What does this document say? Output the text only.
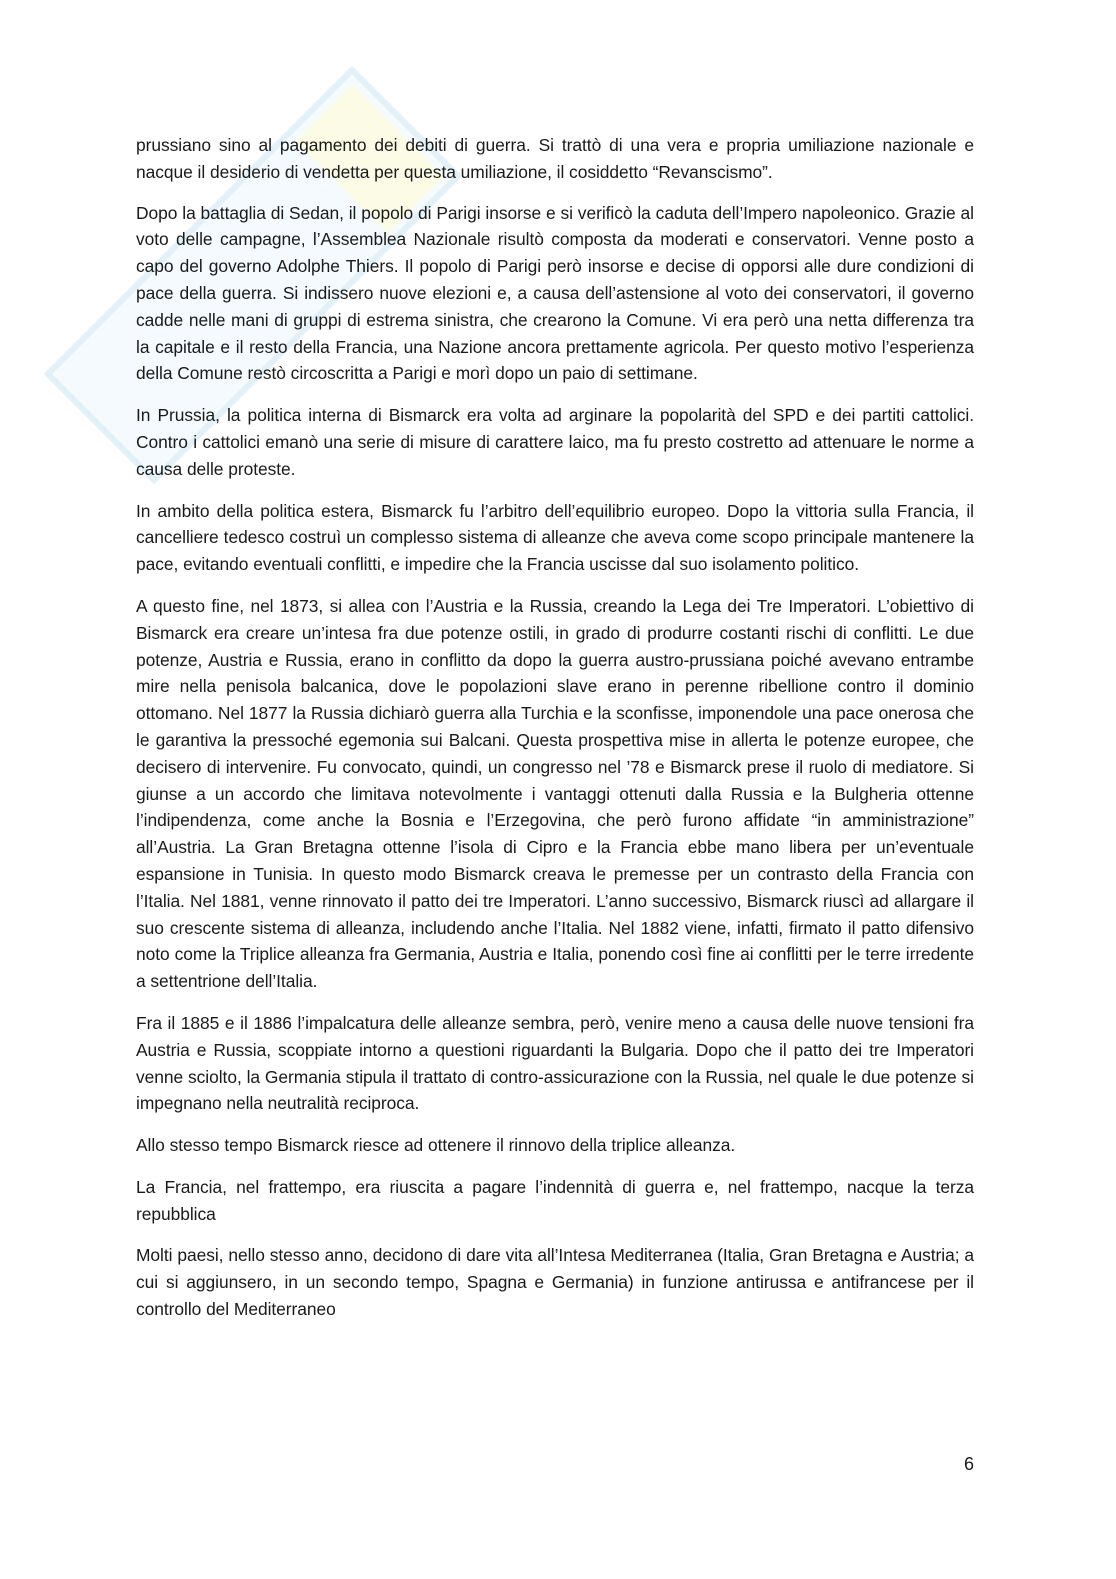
prussiano sino al pagamento dei debiti di guerra. Si trattò di una vera e propria umiliazione nazionale e nacque il desiderio di vendetta per questa umiliazione, il cosiddetto “Revanscismo”.

Dopo la battaglia di Sedan, il popolo di Parigi insorse e si verificò la caduta dell’Impero napoleonico. Grazie al voto delle campagne, l’Assemblea Nazionale risultò composta da moderati e conservatori. Venne posto a capo del governo Adolphe Thiers. Il popolo di Parigi però insorse e decise di opporsi alle dure condizioni di pace della guerra. Si indissero nuove elezioni e, a causa dell’astensione al voto dei conservatori, il governo cadde nelle mani di gruppi di estrema sinistra, che crearono la Comune. Vi era però una netta differenza tra la capitale e il resto della Francia, una Nazione ancora prettamente agricola. Per questo motivo l’esperienza della Comune restò circoscritta a Parigi e morì dopo un paio di settimane.

In Prussia, la politica interna di Bismarck era volta ad arginare la popolarità del SPD e dei partiti cattolici. Contro i cattolici emanò una serie di misure di carattere laico, ma fu presto costretto ad attenuare le norme a causa delle proteste.

In ambito della politica estera, Bismarck fu l’arbitro dell’equilibrio europeo. Dopo la vittoria sulla Francia, il cancelliere tedesco costruì un complesso sistema di alleanze che aveva come scopo principale mantenere la pace, evitando eventuali conflitti, e impedire che la Francia uscisse dal suo isolamento politico.

A questo fine, nel 1873, si allea con l’Austria e la Russia, creando la Lega dei Tre Imperatori. L’obiettivo di Bismarck era creare un’intesa fra due potenze ostili, in grado di produrre costanti rischi di conflitti. Le due potenze, Austria e Russia, erano in conflitto da dopo la guerra austro-prussiana poiché avevano entrambe mire nella penisola balcanica, dove le popolazioni slave erano in perenne ribellione contro il dominio ottomano. Nel 1877 la Russia dichiarò guerra alla Turchia e la sconfisse, imponendole una pace onerosa che le garantiva la pressoché egemonia sui Balcani. Questa prospettiva mise in allerta le potenze europee, che decisero di intervenire. Fu convocato, quindi, un congresso nel ’78 e Bismarck prese il ruolo di mediatore. Si giunse a un accordo che limitava notevolmente i vantaggi ottenuti dalla Russia e la Bulgheria ottenne l’indipendenza, come anche la Bosnia e l’Erzegovina, che però furono affidate “in amministrazione” all’Austria. La Gran Bretagna ottenne l’isola di Cipro e la Francia ebbe mano libera per un’eventuale espansione in Tunisia. In questo modo Bismarck creava le premesse per un contrasto della Francia con l’Italia. Nel 1881, venne rinnovato il patto dei tre Imperatori. L’anno successivo, Bismarck riuscì ad allargare il suo crescente sistema di alleanza, includendo anche l’Italia. Nel 1882 viene, infatti, firmato il patto difensivo noto come la Triplice alleanza fra Germania, Austria e Italia, ponendo così fine ai conflitti per le terre irredente a settentrione dell’Italia.

Fra il 1885 e il 1886 l’impalcatura delle alleanze sembra, però, venire meno a causa delle nuove tensioni fra Austria e Russia, scoppiate intorno a questioni riguardanti la Bulgaria. Dopo che il patto dei tre Imperatori venne sciolto, la Germania stipula il trattato di contro-assicurazione con la Russia, nel quale le due potenze si impegnano nella neutralità reciproca.

Allo stesso tempo Bismarck riesce ad ottenere il rinnovo della triplice alleanza.

La Francia, nel frattempo, era riuscita a pagare l’indennità di guerra e, nel frattempo, nacque la terza repubblica

Molti paesi, nello stesso anno, decidono di dare vita all’Intesa Mediterranea (Italia, Gran Bretagna e Austria; a cui si aggiunsero, in un secondo tempo, Spagna e Germania) in funzione antirussa e antifrancese per il controllo del Mediterraneo

6
